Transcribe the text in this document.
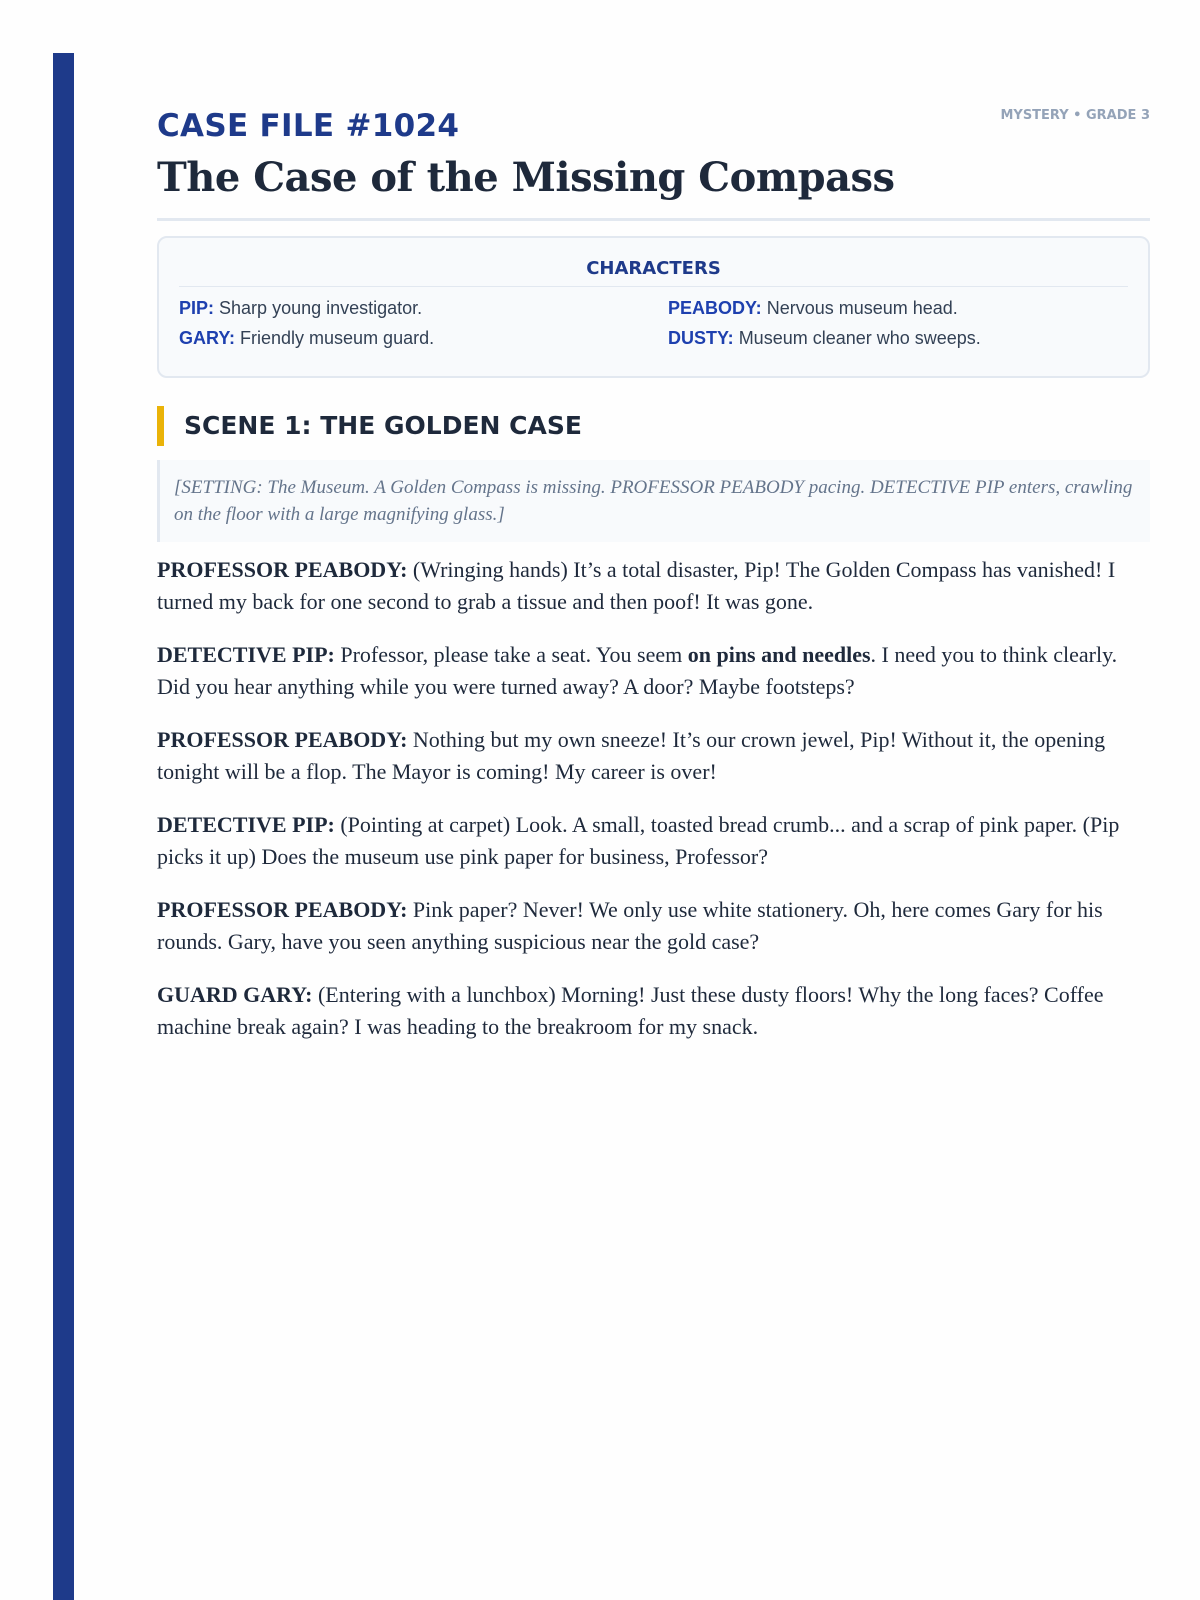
CASE FILE #1024	MYSTERY • GRADE 3
The Case of the Missing Compass
CHARACTERS
PIP: Sharp young investigator.	PEABODY: Nervous museum head.
GARY: Friendly museum guard.	DUSTY: Museum cleaner who sweeps.
SCENE 1: THE GOLDEN CASE
[SETTING: The Museum. A Golden Compass is missing. PROFESSOR PEABODY pacing. DETECTIVE PIP enters, crawling on the floor with a large magnifying glass.]

PROFESSOR PEABODY: (Wringing hands) It’s a total disaster, Pip! The Golden Compass has vanished! I turned my back for one second to grab a tissue and then poof! It was gone.

DETECTIVE PIP: Professor, please take a seat. You seem on pins and needles. I need you to think clearly. Did you hear anything while you were turned away? A door? Maybe footsteps?

PROFESSOR PEABODY: Nothing but my own sneeze! It’s our crown jewel, Pip! Without it, the opening tonight will be a flop. The Mayor is coming! My career is over!

DETECTIVE PIP: (Pointing at carpet) Look. A small, toasted bread crumb... and a scrap of pink paper. (Pip picks it up) Does the museum use pink paper for business, Professor?

PROFESSOR PEABODY: Pink paper? Never! We only use white stationery. Oh, here comes Gary for his rounds. Gary, have you seen anything suspicious near the gold case?

GUARD GARY: (Entering with a lunchbox) Morning! Just these dusty floors! Why the long faces? Coffee machine break again? I was heading to the breakroom for my snack.
